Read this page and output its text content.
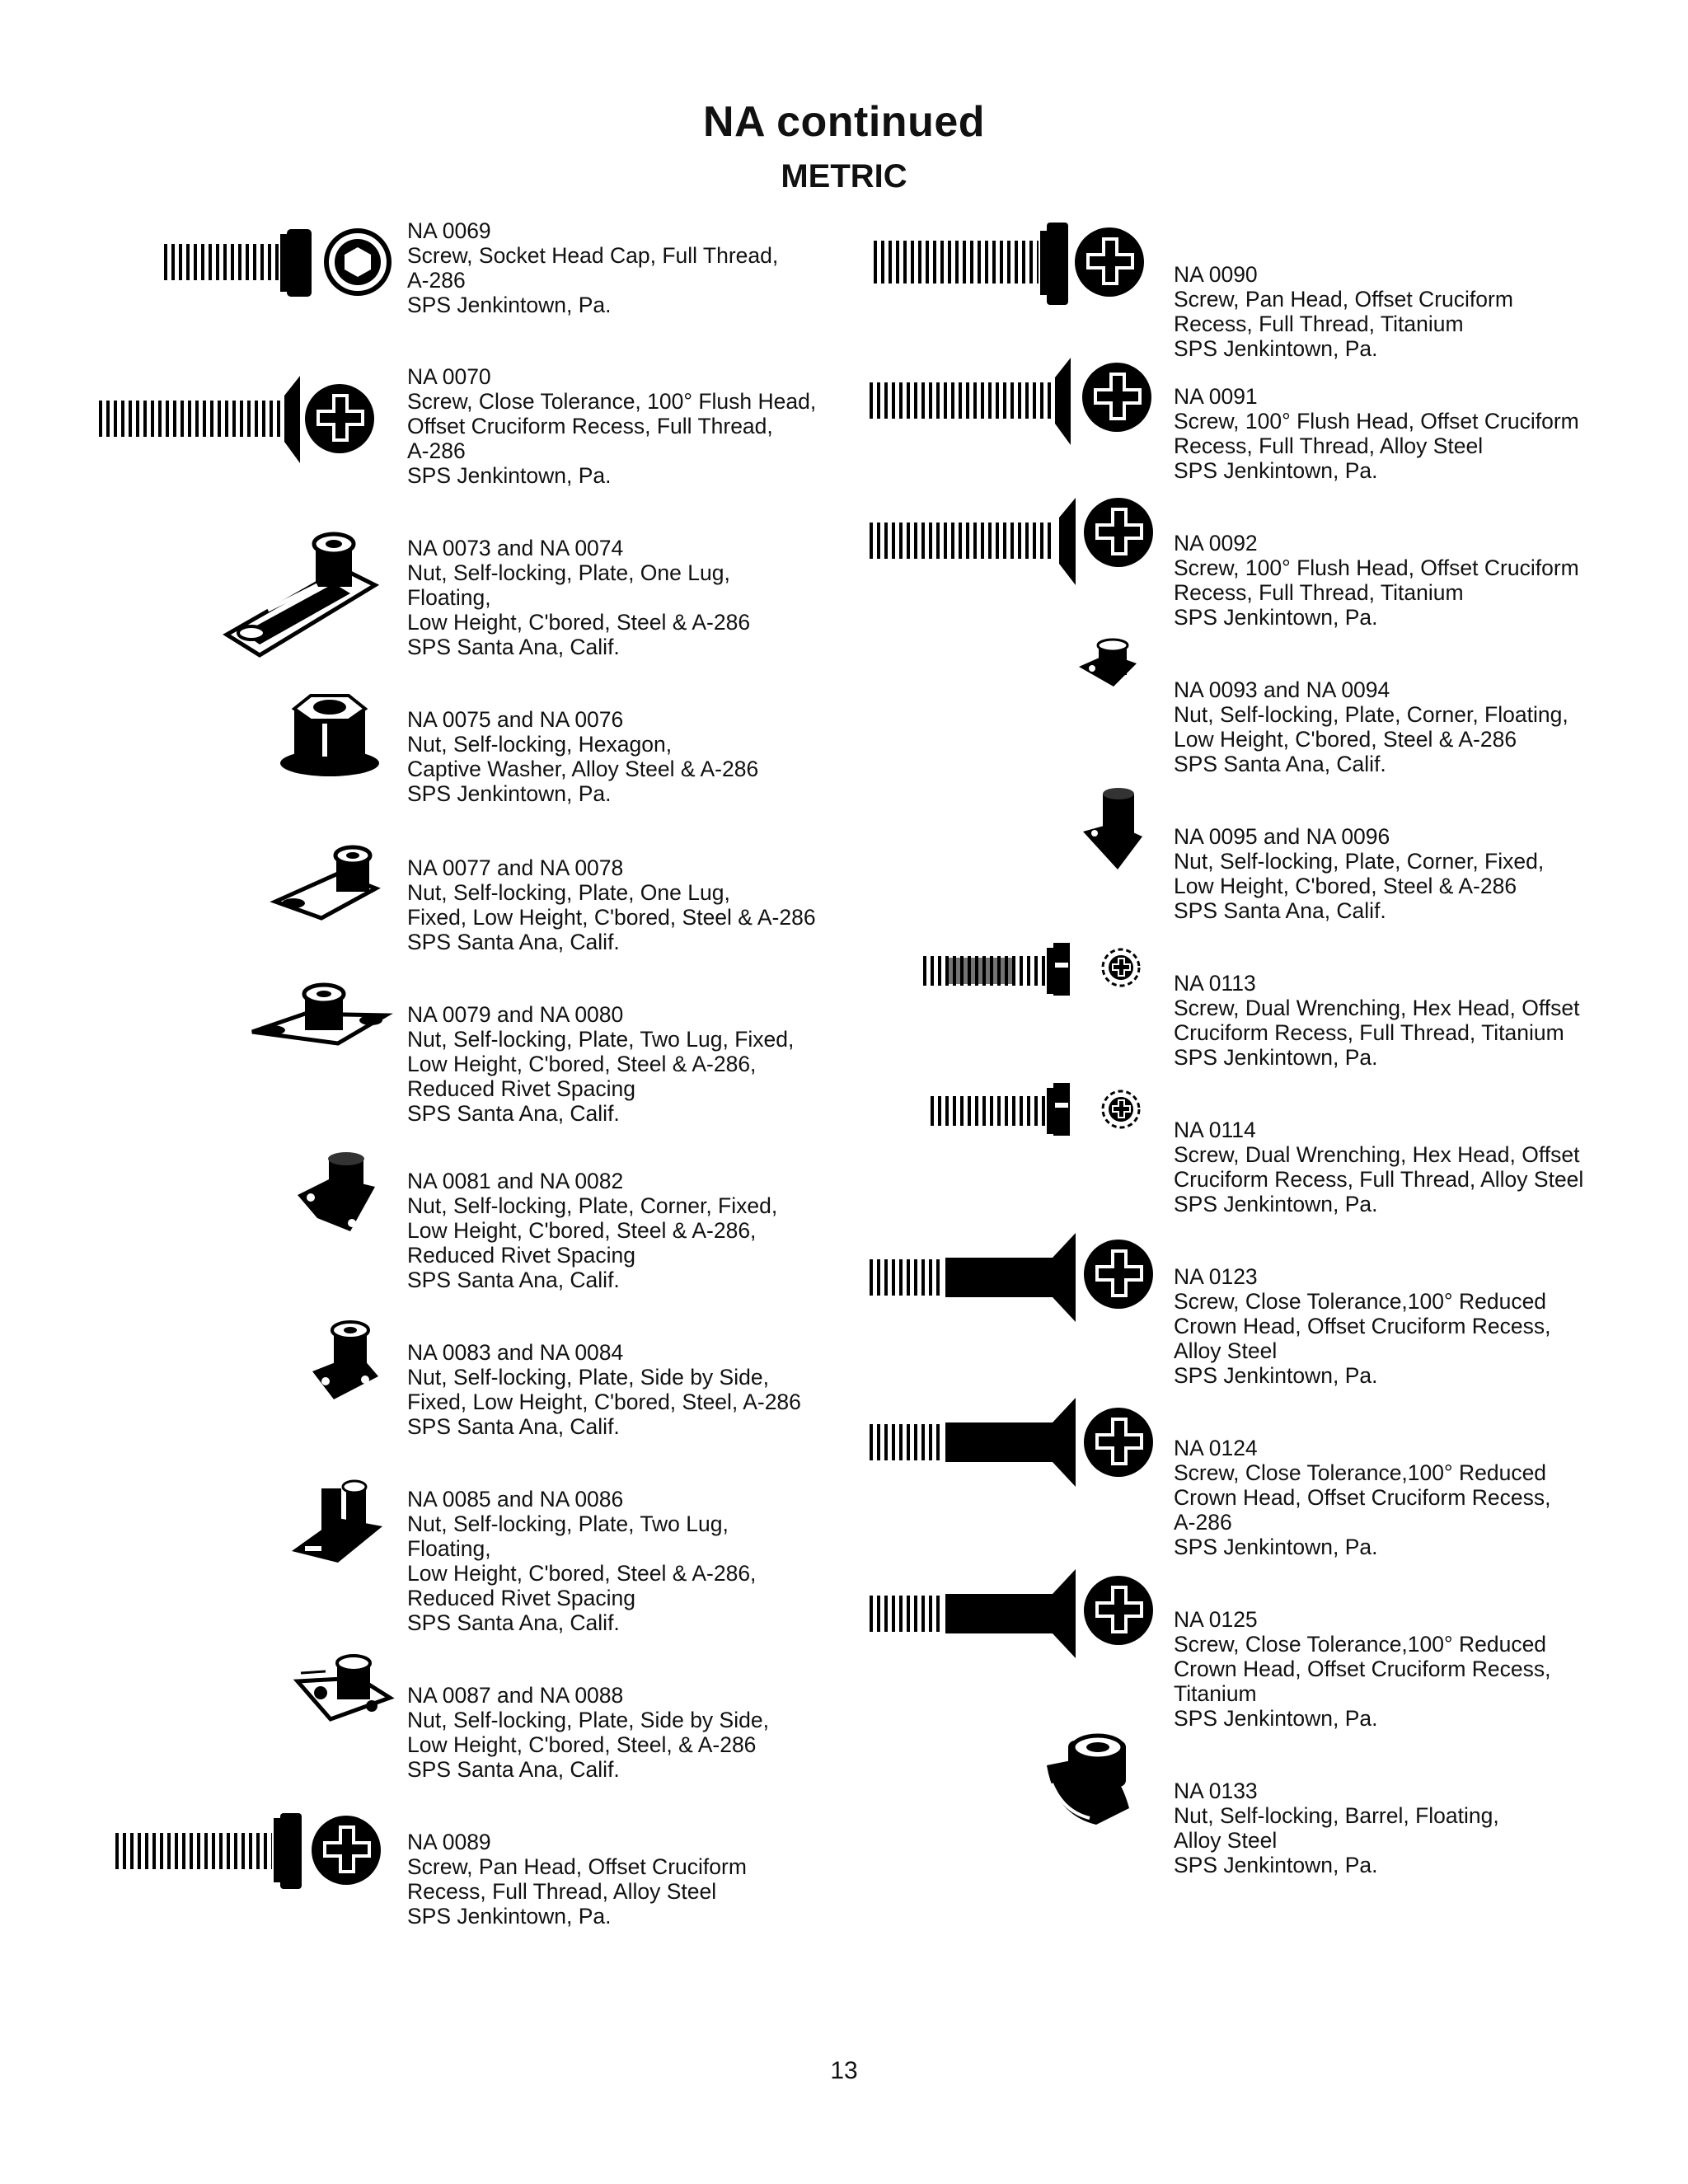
NA continued
METRIC
NA 0069
Screw, Socket Head Cap, Full Thread,
A-286
SPS Jenkintown, Pa.
NA 0070
Screw, Close Tolerance, 100° Flush Head,
Offset Cruciform Recess, Full Thread,
A-286
SPS Jenkintown, Pa.
NA 0073 and NA 0074
Nut, Self-locking, Plate, One Lug,
Floating,
Low Height, C'bored, Steel & A-286
SPS Santa Ana, Calif.
NA 0075 and NA 0076
Nut, Self-locking, Hexagon,
Captive Washer, Alloy Steel & A-286
SPS Jenkintown, Pa.
NA 0077 and NA 0078
Nut, Self-locking, Plate, One Lug,
Fixed, Low Height, C'bored, Steel & A-286
SPS Santa Ana, Calif.
NA 0079 and NA 0080
Nut, Self-locking, Plate, Two Lug, Fixed,
Low Height, C'bored, Steel & A-286,
Reduced Rivet Spacing
SPS Santa Ana, Calif.
NA 0081 and NA 0082
Nut, Self-locking, Plate, Corner, Fixed,
Low Height, C'bored, Steel & A-286,
Reduced Rivet Spacing
SPS Santa Ana, Calif.
NA 0083 and NA 0084
Nut, Self-locking, Plate, Side by Side,
Fixed, Low Height, C'bored, Steel, A-286
SPS Santa Ana, Calif.
NA 0085 and NA 0086
Nut, Self-locking, Plate, Two Lug,
Floating,
Low Height, C'bored, Steel & A-286,
Reduced Rivet Spacing
SPS Santa Ana, Calif.
NA 0087 and NA 0088
Nut, Self-locking, Plate, Side by Side,
Low Height, C'bored, Steel, & A-286
SPS Santa Ana, Calif.
NA 0089
Screw, Pan Head, Offset Cruciform
Recess, Full Thread, Alloy Steel
SPS Jenkintown, Pa.
NA 0090
Screw, Pan Head, Offset Cruciform
Recess, Full Thread, Titanium
SPS Jenkintown, Pa.
NA 0091
Screw, 100° Flush Head, Offset Cruciform
Recess, Full Thread, Alloy Steel
SPS Jenkintown, Pa.
NA 0092
Screw, 100° Flush Head, Offset Cruciform
Recess, Full Thread, Titanium
SPS Jenkintown, Pa.
NA 0093 and NA 0094
Nut, Self-locking, Plate, Corner, Floating,
Low Height, C'bored, Steel & A-286
SPS Santa Ana, Calif.
NA 0095 and NA 0096
Nut, Self-locking, Plate, Corner, Fixed,
Low Height, C'bored, Steel & A-286
SPS Santa Ana, Calif.
NA 0113
Screw, Dual Wrenching, Hex Head, Offset
Cruciform Recess, Full Thread, Titanium
SPS Jenkintown, Pa.
NA 0114
Screw, Dual Wrenching, Hex Head, Offset
Cruciform Recess, Full Thread, Alloy Steel
SPS Jenkintown, Pa.
NA 0123
Screw, Close Tolerance,100° Reduced
Crown Head, Offset Cruciform Recess,
Alloy Steel
SPS Jenkintown, Pa.
NA 0124
Screw, Close Tolerance,100° Reduced
Crown Head, Offset Cruciform Recess,
A-286
SPS Jenkintown, Pa.
NA 0125
Screw, Close Tolerance,100° Reduced
Crown Head, Offset Cruciform Recess,
Titanium
SPS Jenkintown, Pa.
NA 0133
Nut, Self-locking, Barrel, Floating,
Alloy Steel
SPS Jenkintown, Pa.
13
